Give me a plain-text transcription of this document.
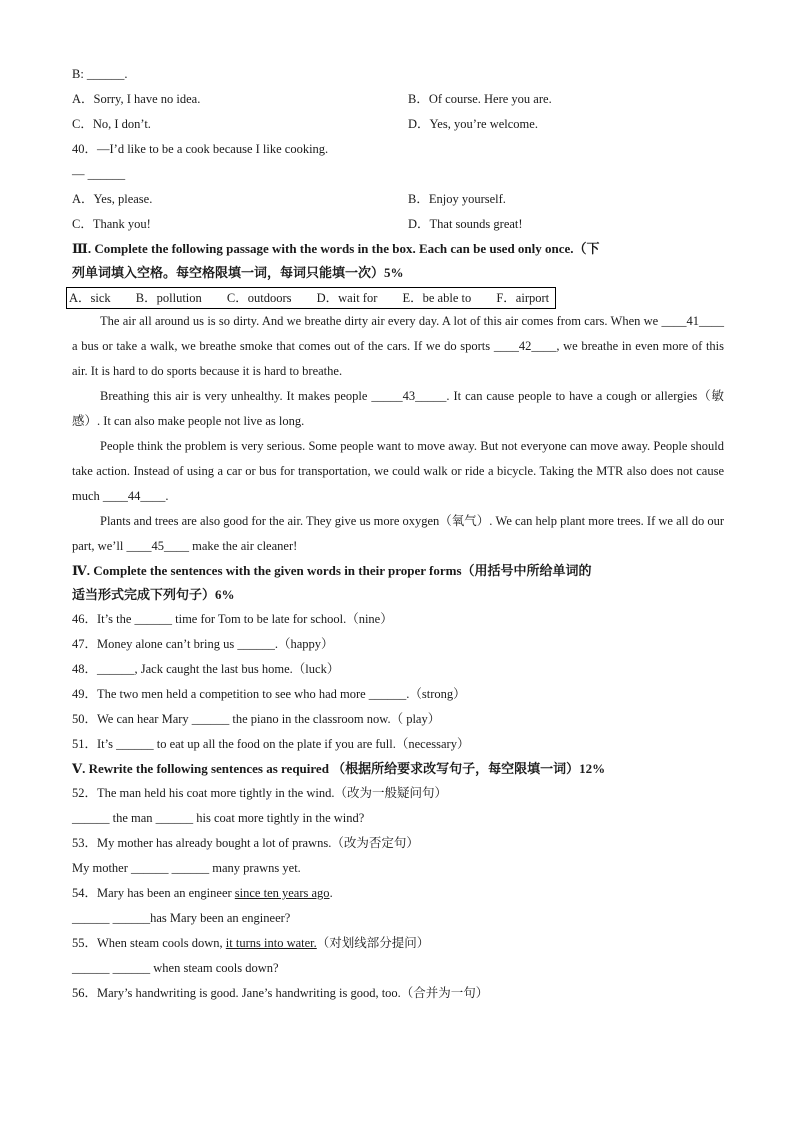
B: ______.
A．Sorry, I have no idea.	B．Of course. Here you are.
C．No, I don’t.	D．Yes, you’re welcome.
40．—I’d like to be a cook because I like cooking.
— ______
A．Yes, please.	B．Enjoy yourself.
C．Thank you!	D．That sounds great!
Ⅲ. Complete the following passage with the words in the box. Each can be used only once.（下
列单词填入空格。每空格限填一词，每词只能填一次）5%
A．sick B．pollution C．outdoors D．wait for E．be able to F．airport
The air all around us is so dirty. And we breathe dirty air every day. A lot of this air comes from cars. When we ____41____ a bus or take a walk, we breathe smoke that comes out of the cars. If we do sports ____42____, we breathe in even more of this air. It is hard to do sports because it is hard to breathe.
Breathing this air is very unhealthy. It makes people _____43_____. It can cause people to have a cough or allergies（敏感）. It can also make people not live as long.
People think the problem is very serious. Some people want to move away. But not everyone can move away. People should take action. Instead of using a car or bus for transportation, we could walk or ride a bicycle. Taking the MTR also does not cause much ____44____.
Plants and trees are also good for the air. They give us more oxygen（氧气）. We can help plant more trees. If we all do our part, we’ll ____45____ make the air cleaner!
Ⅳ. Complete the sentences with the given words in their proper forms（用括号中所给单词的
适当形式完成下列句子）6%
46．It’s the ______ time for Tom to be late for school.（nine）
47．Money alone can’t bring us ______.（happy）
48．______, Jack caught the last bus home.（luck）
49．The two men held a competition to see who had more ______.（strong）
50．We can hear Mary ______ the piano in the classroom now.（ play）
51．It’s ______ to eat up all the food on the plate if you are full.（necessary）
Ⅴ. Rewrite the following sentences as required （根据所给要求改写句子，每空限填一词）12%
52．The man held his coat more tightly in the wind.（改为一般疑问句）
______ the man ______ his coat more tightly in the wind?
53．My mother has already bought a lot of prawns.（改为否定句）
My mother ______ ______ many prawns yet.
54．Mary has been an engineer since ten years ago.
______ ______has Mary been an engineer?
55．When steam cools down, it turns into water.（对划线部分提问）
______ ______ when steam cools down?
56．Mary’s handwriting is good. Jane’s handwriting is good, too.（合并为一句）
